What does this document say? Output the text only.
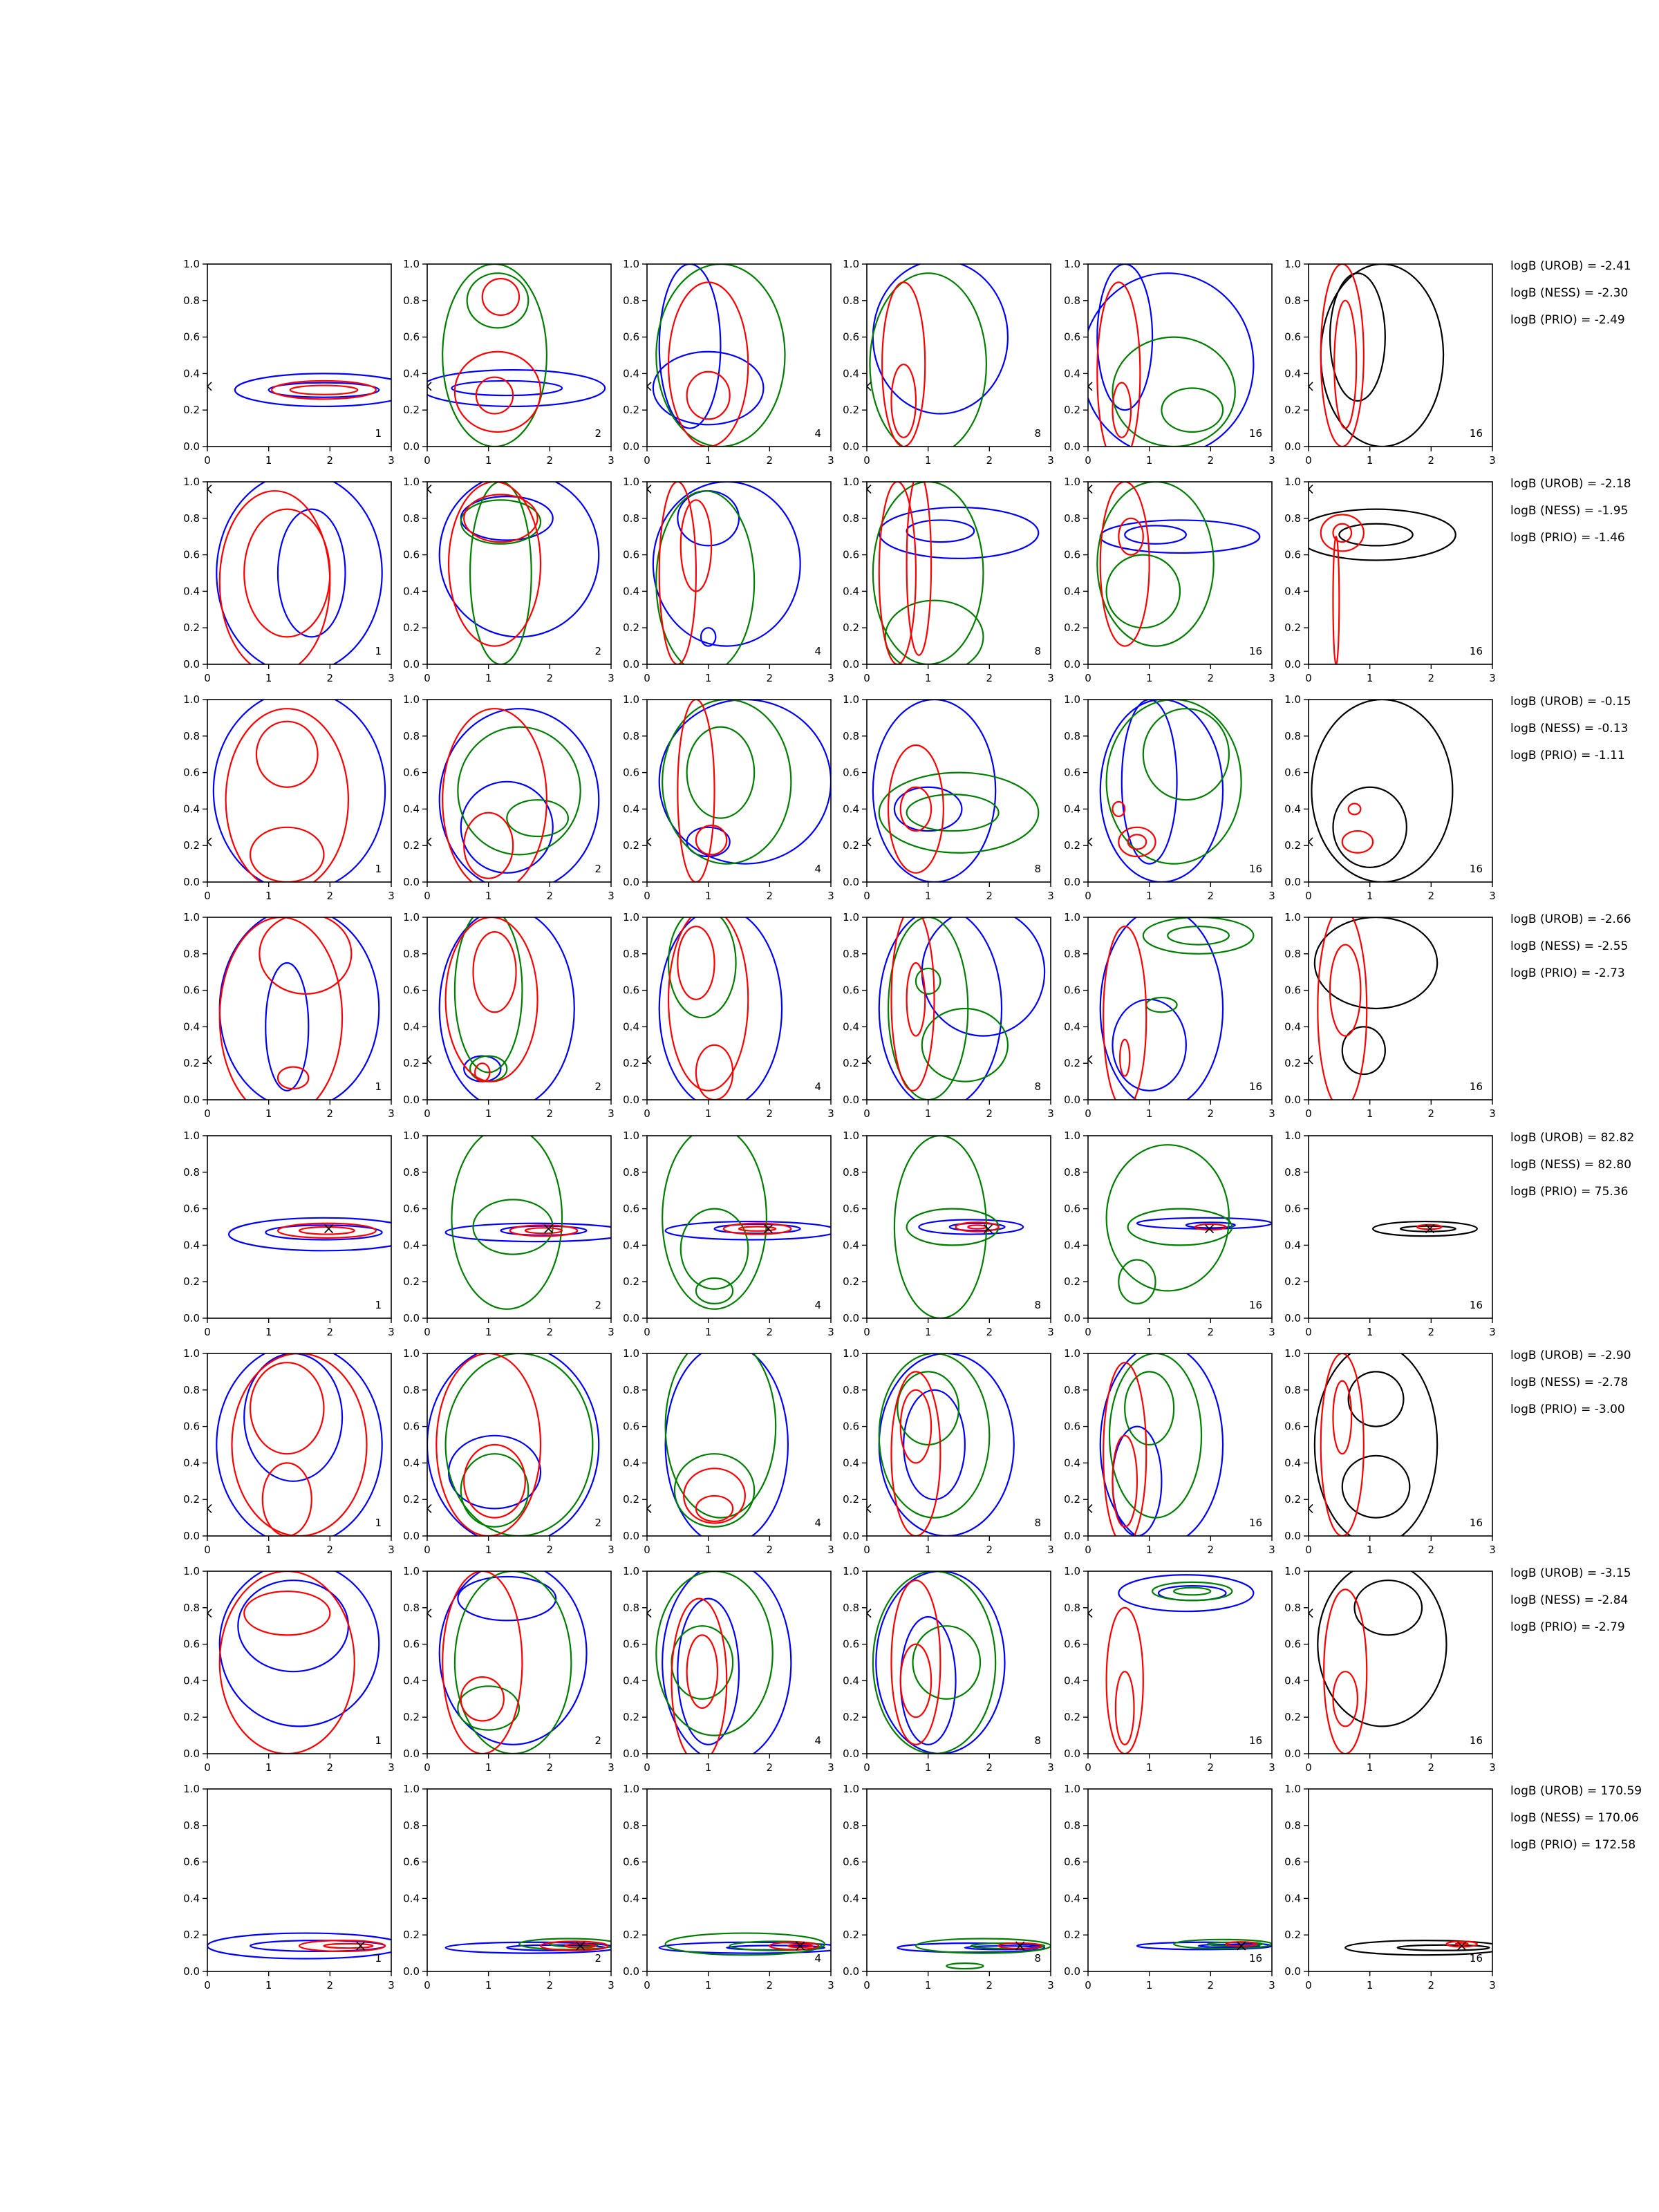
0	1	2	3
0.0
0.2
0.4
0.6
0.8
1.0
1
0	1	2	3
0.0
0.2
0.4
0.6
0.8
1.0
2
0	1	2	3
0.0
0.2
0.4
0.6
0.8
1.0
4
0	1	2	3
0.0
0.2
0.4
0.6
0.8
1.0
8
0	1	2	3
0.0
0.2
0.4
0.6
0.8
1.0
16
0	1	2	3
0.0
0.2
0.4
0.6
0.8
1.0
16
logB (UROB) = -2.41
logB (NESS) = -2.30
logB (PRIO) = -2.49
0	1	2	3
0.0
0.2
0.4
0.6
0.8
1.0
1
0	1	2	3
0.0
0.2
0.4
0.6
0.8
1.0
2
0	1	2	3
0.0
0.2
0.4
0.6
0.8
1.0
4
0	1	2	3
0.0
0.2
0.4
0.6
0.8
1.0
8
0	1	2	3
0.0
0.2
0.4
0.6
0.8
1.0
16
0	1	2	3
0.0
0.2
0.4
0.6
0.8
1.0
16
logB (UROB) = -2.18
logB (NESS) = -1.95
logB (PRIO) = -1.46
0	1	2	3
0.0
0.2
0.4
0.6
0.8
1.0
1
0	1	2	3
0.0
0.2
0.4
0.6
0.8
1.0
2
0	1	2	3
0.0
0.2
0.4
0.6
0.8
1.0
4
0	1	2	3
0.0
0.2
0.4
0.6
0.8
1.0
8
0	1	2	3
0.0
0.2
0.4
0.6
0.8
1.0
16
0	1	2	3
0.0
0.2
0.4
0.6
0.8
1.0
16
logB (UROB) = -0.15
logB (NESS) = -0.13
logB (PRIO) = -1.11
0	1	2	3
0.0
0.2
0.4
0.6
0.8
1.0
1
0	1	2	3
0.0
0.2
0.4
0.6
0.8
1.0
2
0	1	2	3
0.0
0.2
0.4
0.6
0.8
1.0
4
0	1	2	3
0.0
0.2
0.4
0.6
0.8
1.0
8
0	1	2	3
0.0
0.2
0.4
0.6
0.8
1.0
16
0	1	2	3
0.0
0.2
0.4
0.6
0.8
1.0
16
logB (UROB) = -2.66
logB (NESS) = -2.55
logB (PRIO) = -2.73
0	1	2	3
0.0
0.2
0.4
0.6
0.8
1.0
1
0	1	2	3
0.0
0.2
0.4
0.6
0.8
1.0
2
0	1	2	3
0.0
0.2
0.4
0.6
0.8
1.0
4
0	1	2	3
0.0
0.2
0.4
0.6
0.8
1.0
8
0	1	2	3
0.0
0.2
0.4
0.6
0.8
1.0
16
0	1	2	3
0.0
0.2
0.4
0.6
0.8
1.0
16
logB (UROB) = 82.82
logB (NESS) = 82.80
logB (PRIO) = 75.36
0	1	2	3
0.0
0.2
0.4
0.6
0.8
1.0
1
0	1	2	3
0.0
0.2
0.4
0.6
0.8
1.0
2
0	1	2	3
0.0
0.2
0.4
0.6
0.8
1.0
4
0	1	2	3
0.0
0.2
0.4
0.6
0.8
1.0
8
0	1	2	3
0.0
0.2
0.4
0.6
0.8
1.0
16
0	1	2	3
0.0
0.2
0.4
0.6
0.8
1.0
16
logB (UROB) = -2.90
logB (NESS) = -2.78
logB (PRIO) = -3.00
0	1	2	3
0.0
0.2
0.4
0.6
0.8
1.0
1
0	1	2	3
0.0
0.2
0.4
0.6
0.8
1.0
2
0	1	2	3
0.0
0.2
0.4
0.6
0.8
1.0
4
0	1	2	3
0.0
0.2
0.4
0.6
0.8
1.0
8
0	1	2	3
0.0
0.2
0.4
0.6
0.8
1.0
16
0	1	2	3
0.0
0.2
0.4
0.6
0.8
1.0
16
logB (UROB) = -3.15
logB (NESS) = -2.84
logB (PRIO) = -2.79
0	1	2	3
0.0
0.2
0.4
0.6
0.8
1.0
1
0	1	2	3
0.0
0.2
0.4
0.6
0.8
1.0
2
0	1	2	3
0.0
0.2
0.4
0.6
0.8
1.0
4
0	1	2	3
0.0
0.2
0.4
0.6
0.8
1.0
8
0	1	2	3
0.0
0.2
0.4
0.6
0.8
1.0
16
0	1	2	3
0.0
0.2
0.4
0.6
0.8
1.0
16
logB (UROB) = 170.59
logB (NESS) = 170.06
logB (PRIO) = 172.58
